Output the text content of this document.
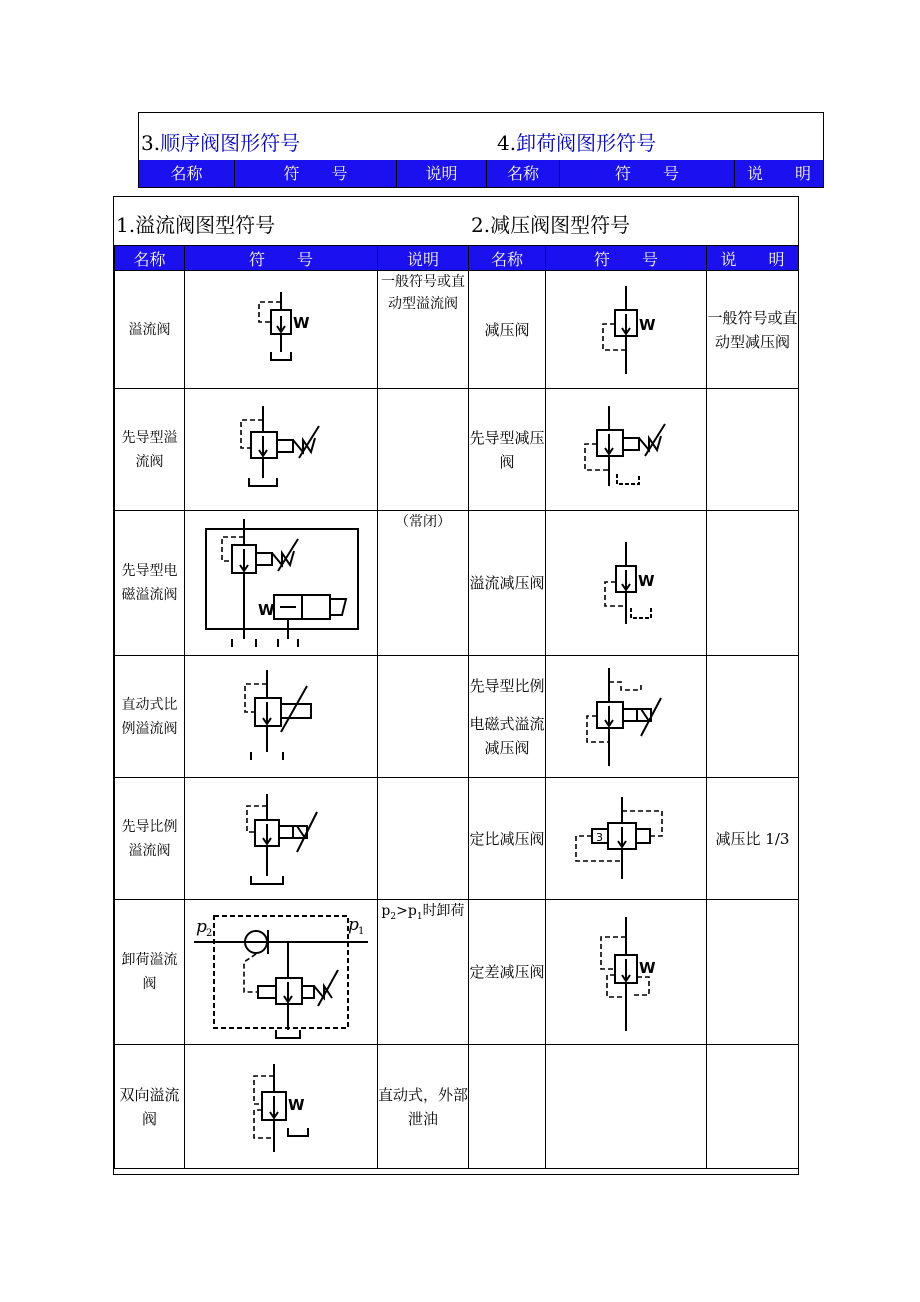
3.顺序阀图形符号	4.卸荷阀图形符号
名称	符　　号	说明	名称	符　　号	说　　明
1.溢流阀图型符号	2.减压阀图型符号
名称	符　　号	说明	名称	符　　号	说　　明
溢流阀	W	一般符号或直动型溢流阀	减压阀	W	一般符号或直动型减压阀
先导型溢流阀			先导型减压阀	

先导型电磁溢流阀	W	（常闭）	溢流减压阀	W	

直动式比例溢流阀			先导型比例
电磁式溢流减压阀

先导比例溢流阀			定比减压阀	3	减压比 1/3
卸荷溢流阀	p 2 p 1	$p_2>p_1$时卸荷	定差减压阀	W	

双向溢流阀	W	直动式，外部泄油			
